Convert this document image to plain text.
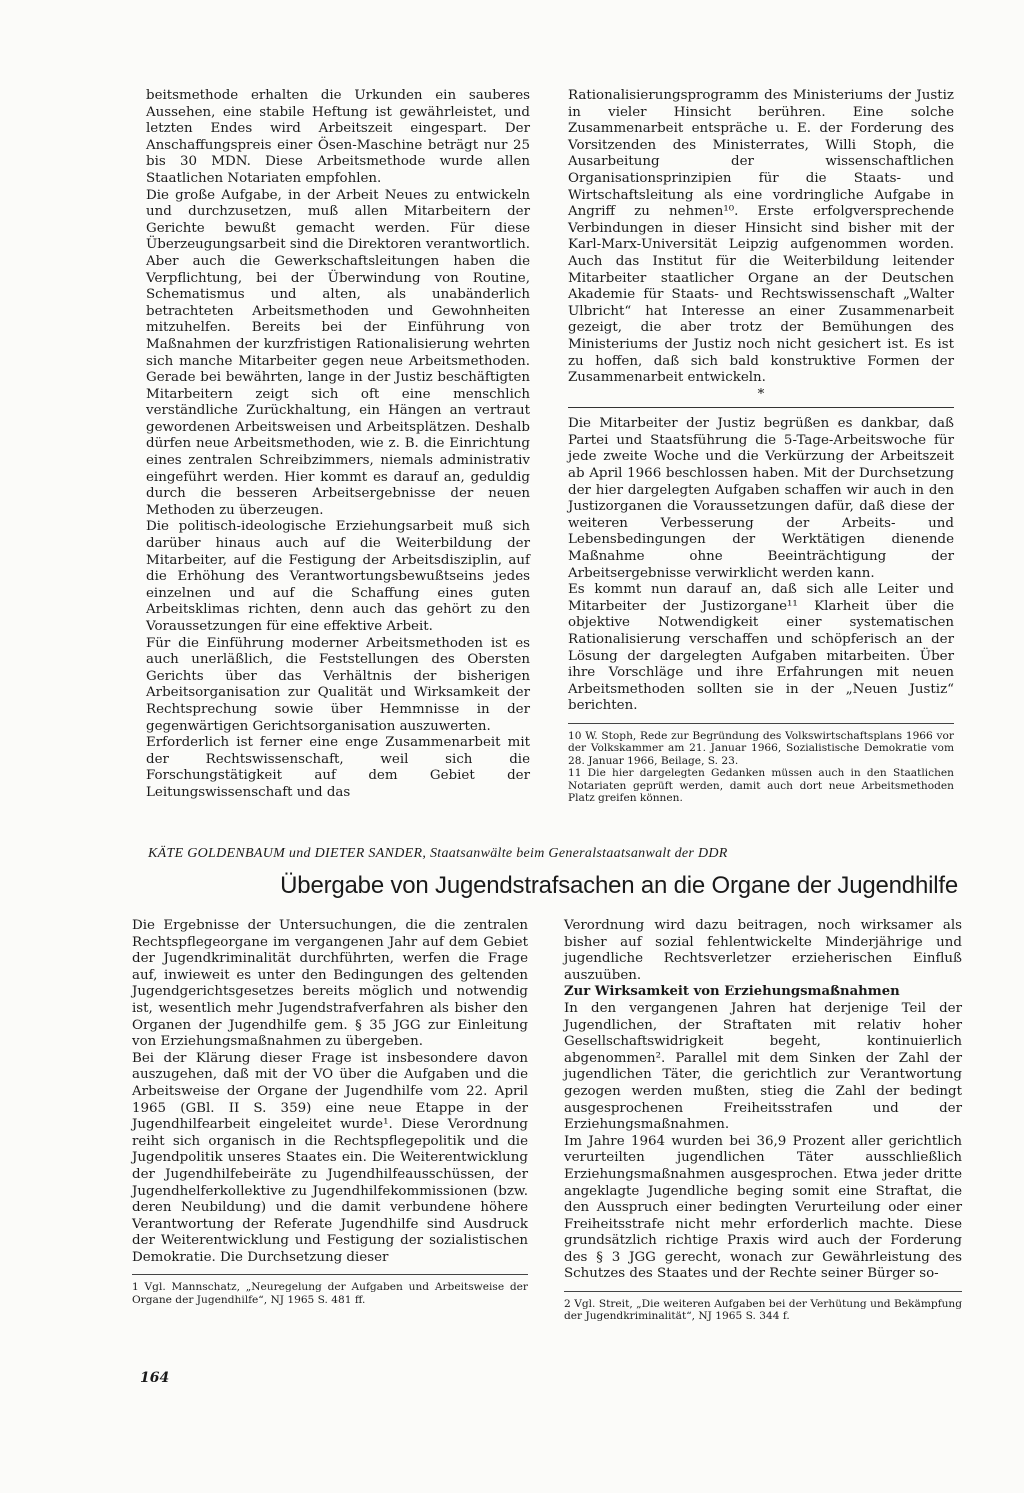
beitsmethode erhalten die Urkunden ein sauberes Aussehen, eine stabile Heftung ist gewährleistet, und letzten Endes wird Arbeitszeit eingespart. Der Anschaffungspreis einer Ösen-Maschine beträgt nur 25 bis 30 MDN. Diese Arbeitsmethode wurde allen Staatlichen Notariaten empfohlen.

Die große Aufgabe, in der Arbeit Neues zu entwickeln und durchzusetzen, muß allen Mitarbeitern der Gerichte bewußt gemacht werden. Für diese Überzeugungsarbeit sind die Direktoren verantwortlich. Aber auch die Gewerkschaftsleitungen haben die Verpflichtung, bei der Überwindung von Routine, Schematismus und alten, als unabänderlich betrachteten Arbeitsmethoden und Gewohnheiten mitzuhelfen. Bereits bei der Einführung von Maßnahmen der kurzfristigen Rationalisierung wehrten sich manche Mitarbeiter gegen neue Arbeitsmethoden. Gerade bei bewährten, lange in der Justiz beschäftigten Mitarbeitern zeigt sich oft eine menschlich verständliche Zurückhaltung, ein Hängen an vertraut gewordenen Arbeitsweisen und Arbeitsplätzen. Deshalb dürfen neue Arbeitsmethoden, wie z. B. die Einrichtung eines zentralen Schreibzimmers, niemals administrativ eingeführt werden. Hier kommt es darauf an, geduldig durch die besseren Arbeitsergebnisse der neuen Methoden zu überzeugen.

Die politisch-ideologische Erziehungsarbeit muß sich darüber hinaus auch auf die Weiterbildung der Mitarbeiter, auf die Festigung der Arbeitsdisziplin, auf die Erhöhung des Verantwortungsbewußtseins jedes einzelnen und auf die Schaffung eines guten Arbeitsklimas richten, denn auch das gehört zu den Voraussetzungen für eine effektive Arbeit.

Für die Einführung moderner Arbeitsmethoden ist es auch unerläßlich, die Feststellungen des Obersten Gerichts über das Verhältnis der bisherigen Arbeitsorganisation zur Qualität und Wirksamkeit der Rechtsprechung sowie über Hemmnisse in der gegenwärtigen Gerichtsorganisation auszuwerten.

Erforderlich ist ferner eine enge Zusammenarbeit mit der Rechtswissenschaft, weil sich die Forschungstätigkeit auf dem Gebiet der Leitungswissenschaft und das

Rationalisierungsprogramm des Ministeriums der Justiz in vieler Hinsicht berühren. Eine solche Zusammenarbeit entspräche u. E. der Forderung des Vorsitzenden des Ministerrates, Willi Stoph, die Ausarbeitung der wissenschaftlichen Organisationsprinzipien für die Staats- und Wirtschaftsleitung als eine vordringliche Aufgabe in Angriff zu nehmen¹⁰. Erste erfolgversprechende Verbindungen in dieser Hinsicht sind bisher mit der Karl-Marx-Universität Leipzig aufgenommen worden. Auch das Institut für die Weiterbildung leitender Mitarbeiter staatlicher Organe an der Deutschen Akademie für Staats- und Rechtswissenschaft „Walter Ulbricht“ hat Interesse an einer Zusammenarbeit gezeigt, die aber trotz der Bemühungen des Ministeriums der Justiz noch nicht gesichert ist. Es ist zu hoffen, daß sich bald konstruktive Formen der Zusammenarbeit entwickeln.

*

Die Mitarbeiter der Justiz begrüßen es dankbar, daß Partei und Staatsführung die 5-Tage-Arbeitswoche für jede zweite Woche und die Verkürzung der Arbeitszeit ab April 1966 beschlossen haben. Mit der Durchsetzung der hier dargelegten Aufgaben schaffen wir auch in den Justizorganen die Voraussetzungen dafür, daß diese der weiteren Verbesserung der Arbeits- und Lebensbedingungen der Werktätigen dienende Maßnahme ohne Beeinträchtigung der Arbeitsergebnisse verwirklicht werden kann.

Es kommt nun darauf an, daß sich alle Leiter und Mitarbeiter der Justizorgane¹¹ Klarheit über die objektive Notwendigkeit einer systematischen Rationalisierung verschaffen und schöpferisch an der Lösung der dargelegten Aufgaben mitarbeiten. Über ihre Vorschläge und ihre Erfahrungen mit neuen Arbeitsmethoden sollten sie in der „Neuen Justiz“ berichten.

10 W. Stoph, Rede zur Begründung des Volkswirtschaftsplans 1966 vor der Volkskammer am 21. Januar 1966, Sozialistische Demokratie vom 28. Januar 1966, Beilage, S. 23.

11 Die hier dargelegten Gedanken müssen auch in den Staatlichen Notariaten geprüft werden, damit auch dort neue Arbeitsmethoden Platz greifen können.

KÄTE GOLDENBAUM und DIETER SANDER, Staatsanwälte beim Generalstaatsanwalt der DDR
Übergabe von Jugendstrafsachen an die Organe der Jugendhilfe

Die Ergebnisse der Untersuchungen, die die zentralen Rechtspflegeorgane im vergangenen Jahr auf dem Gebiet der Jugendkriminalität durchführten, werfen die Frage auf, inwieweit es unter den Bedingungen des geltenden Jugendgerichtsgesetzes bereits möglich und notwendig ist, wesentlich mehr Jugendstrafverfahren als bisher den Organen der Jugendhilfe gem. § 35 JGG zur Einleitung von Erziehungsmaßnahmen zu übergeben.

Bei der Klärung dieser Frage ist insbesondere davon auszugehen, daß mit der VO über die Aufgaben und die Arbeitsweise der Organe der Jugendhilfe vom 22. April 1965 (GBl. II S. 359) eine neue Etappe in der Jugendhilfearbeit eingeleitet wurde¹. Diese Verordnung reiht sich organisch in die Rechtspflegepolitik und die Jugendpolitik unseres Staates ein. Die Weiterentwicklung der Jugendhilfebeiräte zu Jugendhilfeausschüssen, der Jugendhelferkollektive zu Jugendhilfekommissionen (bzw. deren Neubildung) und die damit verbundene höhere Verantwortung der Referate Jugendhilfe sind Ausdruck der Weiterentwicklung und Festigung der sozialistischen Demokratie. Die Durchsetzung dieser

1 Vgl. Mannschatz, „Neuregelung der Aufgaben und Arbeitsweise der Organe der Jugendhilfe“, NJ 1965 S. 481 ff.

Verordnung wird dazu beitragen, noch wirksamer als bisher auf sozial fehlentwickelte Minderjährige und jugendliche Rechtsverletzer erzieherischen Einfluß auszuüben.

Zur Wirksamkeit von Erziehungsmaßnahmen

In den vergangenen Jahren hat derjenige Teil der Jugendlichen, der Straftaten mit relativ hoher Gesellschaftswidrigkeit begeht, kontinuierlich abgenommen². Parallel mit dem Sinken der Zahl der jugendlichen Täter, die gerichtlich zur Verantwortung gezogen werden mußten, stieg die Zahl der bedingt ausgesprochenen Freiheitsstrafen und der Erziehungsmaßnahmen.

Im Jahre 1964 wurden bei 36,9 Prozent aller gerichtlich verurteilten jugendlichen Täter ausschließlich Erziehungsmaßnahmen ausgesprochen. Etwa jeder dritte angeklagte Jugendliche beging somit eine Straftat, die den Ausspruch einer bedingten Verurteilung oder einer Freiheitsstrafe nicht mehr erforderlich machte. Diese grundsätzlich richtige Praxis wird auch der Forderung des § 3 JGG gerecht, wonach zur Gewährleistung des Schutzes des Staates und der Rechte seiner Bürger so-

2 Vgl. Streit, „Die weiteren Aufgaben bei der Verhütung und Bekämpfung der Jugendkriminalität“, NJ 1965 S. 344 f.

164
